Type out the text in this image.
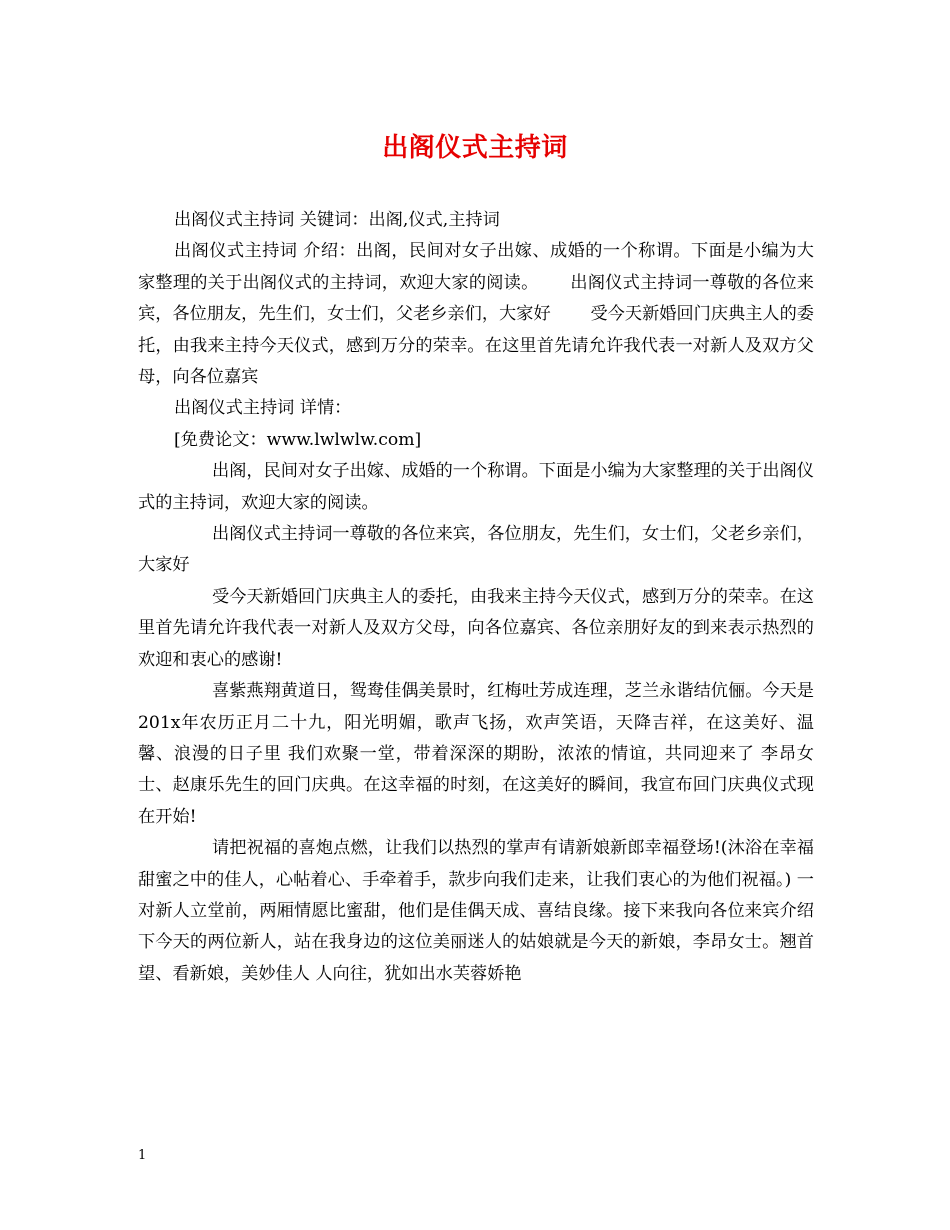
出阁仪式主持词

出阁仪式主持词 关键词：出阁,仪式,主持词

出阁仪式主持词 介绍：出阁，民间对女子出嫁、成婚的一个称谓。下面是小编为大家整理的关于出阁仪式的主持词，欢迎大家的阅读。　　 出阁仪式主持词一尊敬的各位来宾，各位朋友，先生们，女士们，父老乡亲们，大家好　　 受今天新婚回门庆典主人的委托，由我来主持今天仪式，感到万分的荣幸。在这里首先请允许我代表一对新人及双方父母，向各位嘉宾

出阁仪式主持词 详情：

[免费论文：www.lwlwlw.com]

出阁，民间对女子出嫁、成婚的一个称谓。下面是小编为大家整理的关于出阁仪式的主持词，欢迎大家的阅读。

出阁仪式主持词一尊敬的各位来宾，各位朋友，先生们，女士们，父老乡亲们，大家好

受今天新婚回门庆典主人的委托，由我来主持今天仪式，感到万分的荣幸。在这里首先请允许我代表一对新人及双方父母，向各位嘉宾、各位亲朋好友的到来表示热烈的欢迎和衷心的感谢!

喜紫燕翔黄道日，鸳鸯佳偶美景时，红梅吐芳成连理，芝兰永谐结伉俪。今天是201x年农历正月二十九，阳光明媚，歌声飞扬，欢声笑语，天降吉祥，在这美好、温馨、浪漫的日子里 我们欢聚一堂，带着深深的期盼，浓浓的情谊，共同迎来了 李昂女士、赵康乐先生的回门庆典。在这幸福的时刻，在这美好的瞬间，我宣布回门庆典仪式现在开始!

请把祝福的喜炮点燃，让我们以热烈的掌声有请新娘新郎幸福登场!(沐浴在幸福甜蜜之中的佳人，心帖着心、手牵着手，款步向我们走来，让我们衷心的为他们祝福。) 一对新人立堂前，两厢情愿比蜜甜，他们是佳偶天成、喜结良缘。接下来我向各位来宾介绍下今天的两位新人，站在我身边的这位美丽迷人的姑娘就是今天的新娘，李昂女士。翘首望、看新娘，美妙佳人 人向往，犹如出水芙蓉娇艳

1
